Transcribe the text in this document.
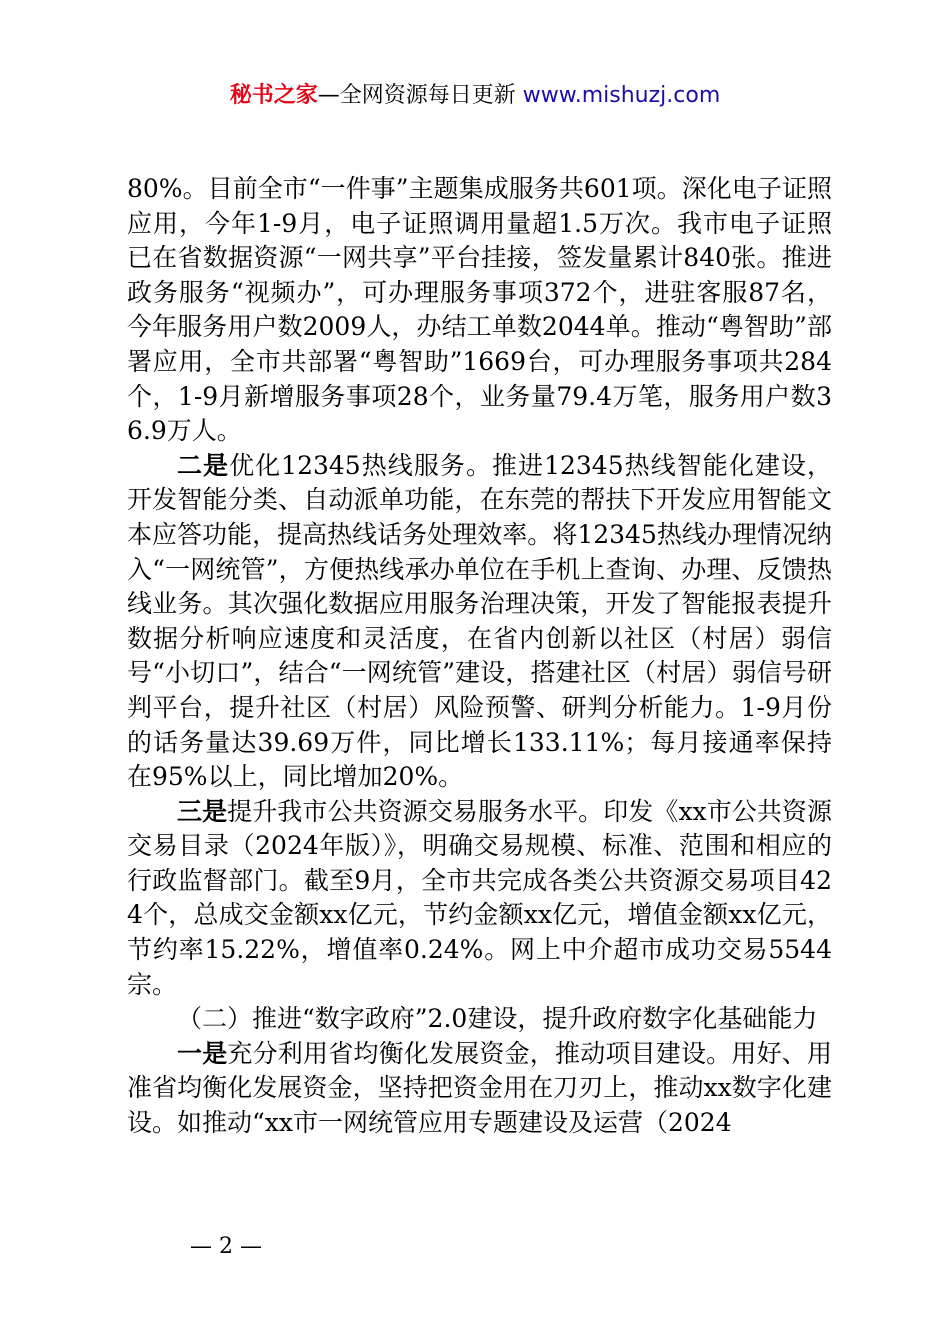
秘书之家—全网资源每日更新 www.mishuzj.com

80%。目前全市“一件事”主题集成服务共601项。深化电子证照应用，今年1-9月，电子证照调用量超1.5万次。我市电子证照已在省数据资源“一网共享”平台挂接，签发量累计840张。推进政务服务“视频办”，可办理服务事项372个，进驻客服87名，今年服务用户数2009人，办结工单数2044单。推动“粤智助”部署应用，全市共部署“粤智助”1669台，可办理服务事项共284个，1-9月新增服务事项28个，业务量79.4万笔，服务用户数36.9万人。

二是优化12345热线服务。推进12345热线智能化建设，开发智能分类、自动派单功能，在东莞的帮扶下开发应用智能文本应答功能，提高热线话务处理效率。将12345热线办理情况纳入“一网统管”，方便热线承办单位在手机上查询、办理、反馈热线业务。其次强化数据应用服务治理决策，开发了智能报表提升数据分析响应速度和灵活度，在省内创新以社区（村居）弱信号“小切口”，结合“一网统管”建设，搭建社区（村居）弱信号研判平台，提升社区（村居）风险预警、研判分析能力。1-9月份的话务量达39.69万件，同比增长133.11%；每月接通率保持在95%以上，同比增加20%。

三是提升我市公共资源交易服务水平。印发《xx市公共资源交易目录（2024年版）》，明确交易规模、标准、范围和相应的行政监督部门。截至9月，全市共完成各类公共资源交易项目424个，总成交金额xx亿元，节约金额xx亿元，增值金额xx亿元，节约率15.22%，增值率0.24%。网上中介超市成功交易5544宗。

（二）推进“数字政府”2.0建设，提升政府数字化基础能力

一是充分利用省均衡化发展资金，推动项目建设。用好、用准省均衡化发展资金，坚持把资金用在刀刃上，推动xx数字化建设。如推动“xx市一网统管应用专题建设及运营（2024

— 2 —
